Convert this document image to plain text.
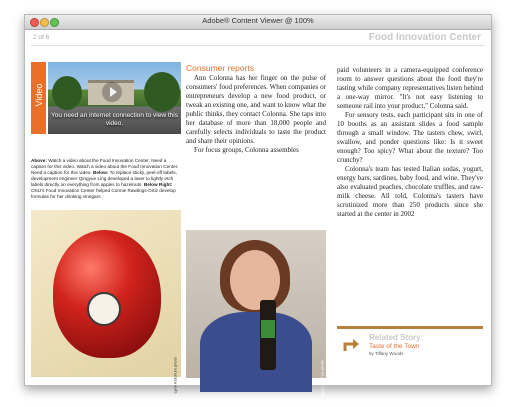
Adobe® Content Viewer @ 100%
2 of 6	Food Innovation Center
Video
You need an internet connection to view this video.
Above: Watch a video about the Food Innovation Center. Need a caption for this video. Watch a video about the Food Innovation Center. Need a caption for this video. Below: To replace sticky, peel-off labels, development engineer Qingyue Ling developed a laser to lightly etch labels directly on everything from apples to hazelnuts. Below Right: OSU's Food Innovation Center helped Connie Rawlings-Ortiz develop formulas for her drinking vinegars
Lynn Ketchum photo
Consumer reports

Ann Colonna has her finger on the pulse of consumers' food preferences. When companies or entrepreneurs develop a new food product, or tweak an existing one, and want to know what the public thinks, they contact Colonna. She taps into her database of more than 18,000 people and carefully selects individuals to taste the product and share their opinions.

For focus groups, Colonna assembles

Tanya Lawrence photo

paid volunteers in a camera-equipped conference room to answer questions about the food they're tasting while company representatives listen behind a one-way mirror. "It's not easy listening to someone rail into your product," Colonna said.

For sensory tests, each participant sits in one of 10 booths as an assistant slides a food sample through a small window. The tasters chew, swirl, swallow, and ponder questions like: Is it sweet enough? Too spicy? What about the texture? Too crunchy?

Colonna's team has tested Italian sodas, yogurt, energy bars, sardines, baby food, and wine. They've also evaluated peaches, chocolate truffles, and raw-milk cheese. All told, Colonna's tasters have scrutinized more than 250 products since she started at the center in 2002

Related Story:
Taste of the Town
by Tiffany Woods
